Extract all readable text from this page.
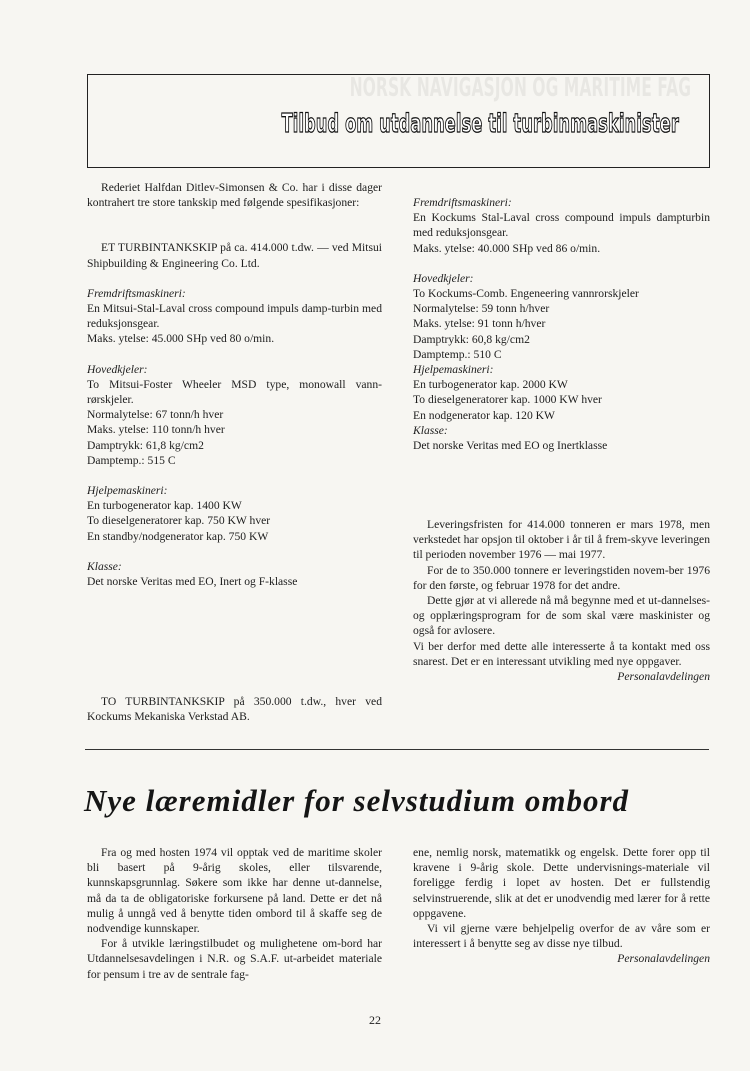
NORSK NAVIGASJON OG MARITIME FAG
Tilbud om utdannelse til turbinmaskinister

Rederiet Halfdan Ditlev-Simonsen & Co. har i disse dager kontrahert tre store tankskip med følgende spesifikasjoner:

ET TURBINTANKSKIP på ca. 414.000 t.dw. — ved Mitsui Shipbuilding & Engineering Co. Ltd.

Fremdriftsmaskineri:

En Mitsui-Stal-Laval cross compound impuls damp-turbin med reduksjonsgear.

Maks. ytelse: 45.000 SHp ved 80 o/min.

Hovedkjeler:

To Mitsui-Foster Wheeler MSD type, monowall vann-rørskjeler.

Normalytelse: 67 tonn/h hver

Maks. ytelse: 110 tonn/h hver

Damptrykk: 61,8 kg/cm2

Damptemp.: 515 C

Hjelpemaskineri:

En turbogenerator kap. 1400 KW

To dieselgeneratorer kap. 750 KW hver

En standby/nodgenerator kap. 750 KW

Klasse:

Det norske Veritas med EO, Inert og F-klasse

TO TURBINTANKSKIP på 350.000 t.dw., hver ved Kockums Mekaniska Verkstad AB.

Fremdriftsmaskineri:

En Kockums Stal-Laval cross compound impuls dampturbin med reduksjonsgear.

Maks. ytelse: 40.000 SHp ved 86 o/min.

Hovedkjeler:

To Kockums-Comb. Engeneering vannrorskjeler

Normalytelse: 59 tonn h/hver

Maks. ytelse: 91 tonn h/hver

Damptrykk: 60,8 kg/cm2

Damptemp.: 510 C

Hjelpemaskineri:

En turbogenerator kap. 2000 KW

To dieselgeneratorer kap. 1000 KW hver

En nodgenerator kap. 120 KW

Klasse:

Det norske Veritas med EO og Inertklasse

Leveringsfristen for 414.000 tonneren er mars 1978, men verkstedet har opsjon til oktober i år til å frem-skyve leveringen til perioden november 1976 — mai 1977.

For de to 350.000 tonnere er leveringstiden novem-ber 1976 for den første, og februar 1978 for det andre.

Dette gjør at vi allerede nå må begynne med et ut-dannelses- og opplæringsprogram for de som skal være maskinister og også for avlosere.

Vi ber derfor med dette alle interesserte å ta kontakt med oss snarest. Det er en interessant utvikling med nye oppgaver.

Personalavdelingen

Nye læremidler for selvstudium ombord

Fra og med hosten 1974 vil opptak ved de maritime skoler bli basert på 9-årig skoles, eller tilsvarende, kunnskapsgrunnlag. Søkere som ikke har denne ut-dannelse, må da ta de obligatoriske forkursene på land. Dette er det nå mulig å unngå ved å benytte tiden ombord til å skaffe seg de nodvendige kunnskaper.

For å utvikle læringstilbudet og mulighetene om-bord har Utdannelsesavdelingen i N.R. og S.A.F. ut-arbeidet materiale for pensum i tre av de sentrale fag-

ene, nemlig norsk, matematikk og engelsk. Dette forer opp til kravene i 9-årig skole. Dette undervisnings-materiale vil foreligge ferdig i lopet av hosten. Det er fullstendig selvinstruerende, slik at det er unodvendig med lærer for å rette oppgavene.

Vi vil gjerne være behjelpelig overfor de av våre som er interessert i å benytte seg av disse nye tilbud.

Personalavdelingen

22
